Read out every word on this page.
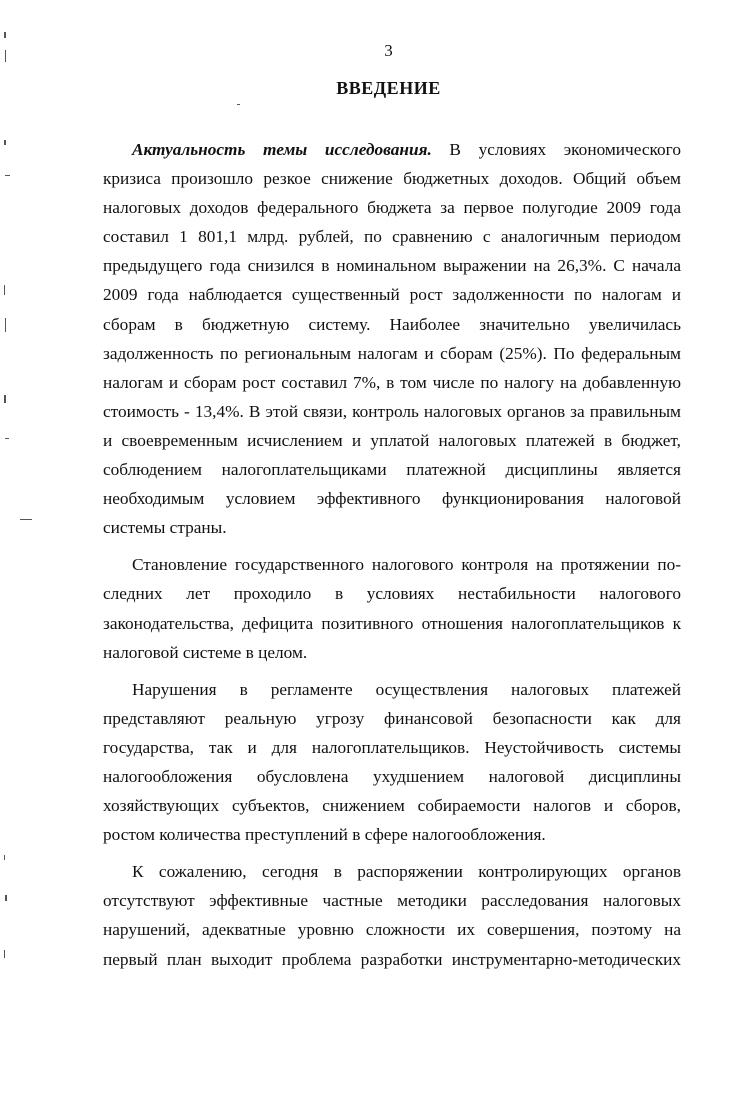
3
ВВЕДЕНИЕ
Актуальность темы исследования. В условиях экономического
кризиса произошло резкое снижение бюджетных доходов. Общий объем
налоговых доходов федерального бюджета за первое полугодие 2009 года
составил 1 801,1 млрд. рублей, по сравнению с аналогичным периодом
предыдущего года снизился в номинальном выражении на 26,3%. С начала
2009 года наблюдается существенный рост задолженности по налогам и
сборам в бюджетную систему. Наиболее значительно увеличилась
задолженность по региональным налогам и сборам (25%). По федеральным
налогам и сборам рост составил 7%, в том числе по налогу на добавленную
стоимость - 13,4%. В этой связи, контроль налоговых органов за правильным
и своевременным исчислением и уплатой налоговых платежей в бюджет,
соблюдением налогоплательщиками платежной дисциплины является
необходимым условием эффективного функционирования налоговой
системы страны.
Становление государственного налогового контроля на протяжении по-
следних лет проходило в условиях нестабильности налогового
законодательства, дефицита позитивного отношения налогоплательщиков к
налоговой системе в целом.
Нарушения в регламенте осуществления налоговых платежей
представляют реальную угрозу финансовой безопасности как для
государства, так и для налогоплательщиков. Неустойчивость системы
налогообложения обусловлена ухудшением налоговой дисциплины
хозяйствующих субъектов, снижением собираемости налогов и сборов,
ростом количества преступлений в сфере налогообложения.
К сожалению, сегодня в распоряжении контролирующих органов
отсутствуют эффективные частные методики расследования налоговых
нарушений, адекватные уровню сложности их совершения, поэтому на
первый план выходит проблема разработки инструментарно-методических
